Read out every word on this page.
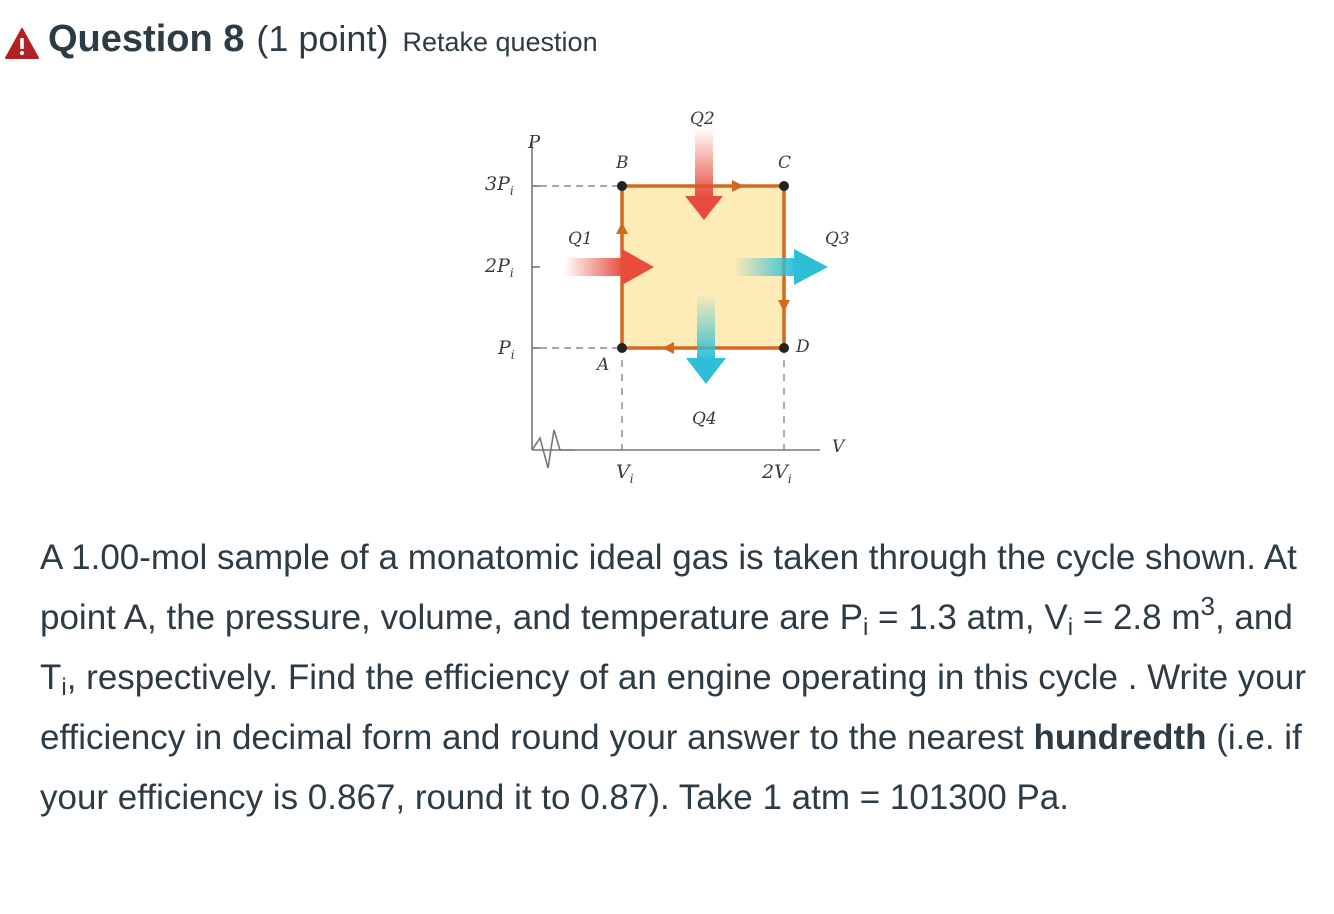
Question 8 (1 point) Retake question
P
V
$3P_i$
$2P_i$
$P_i$
$V_i$	$2V_i$
A
B	C
D
Q1
Q2
Q3
Q4

A 1.00-mol sample of a monatomic ideal gas is taken through the cycle shown. At point A, the pressure, volume, and temperature are $P_i = 1.3$ atm, $V_i = 2.8$ $m^3$, and $T_i$, respectively. Find the efficiency of an engine operating in this cycle . Write your efficiency in decimal form and round your answer to the nearest hundredth (i.e. if your efficiency is 0.867, round it to 0.87). Take 1 atm = 101300 Pa.
